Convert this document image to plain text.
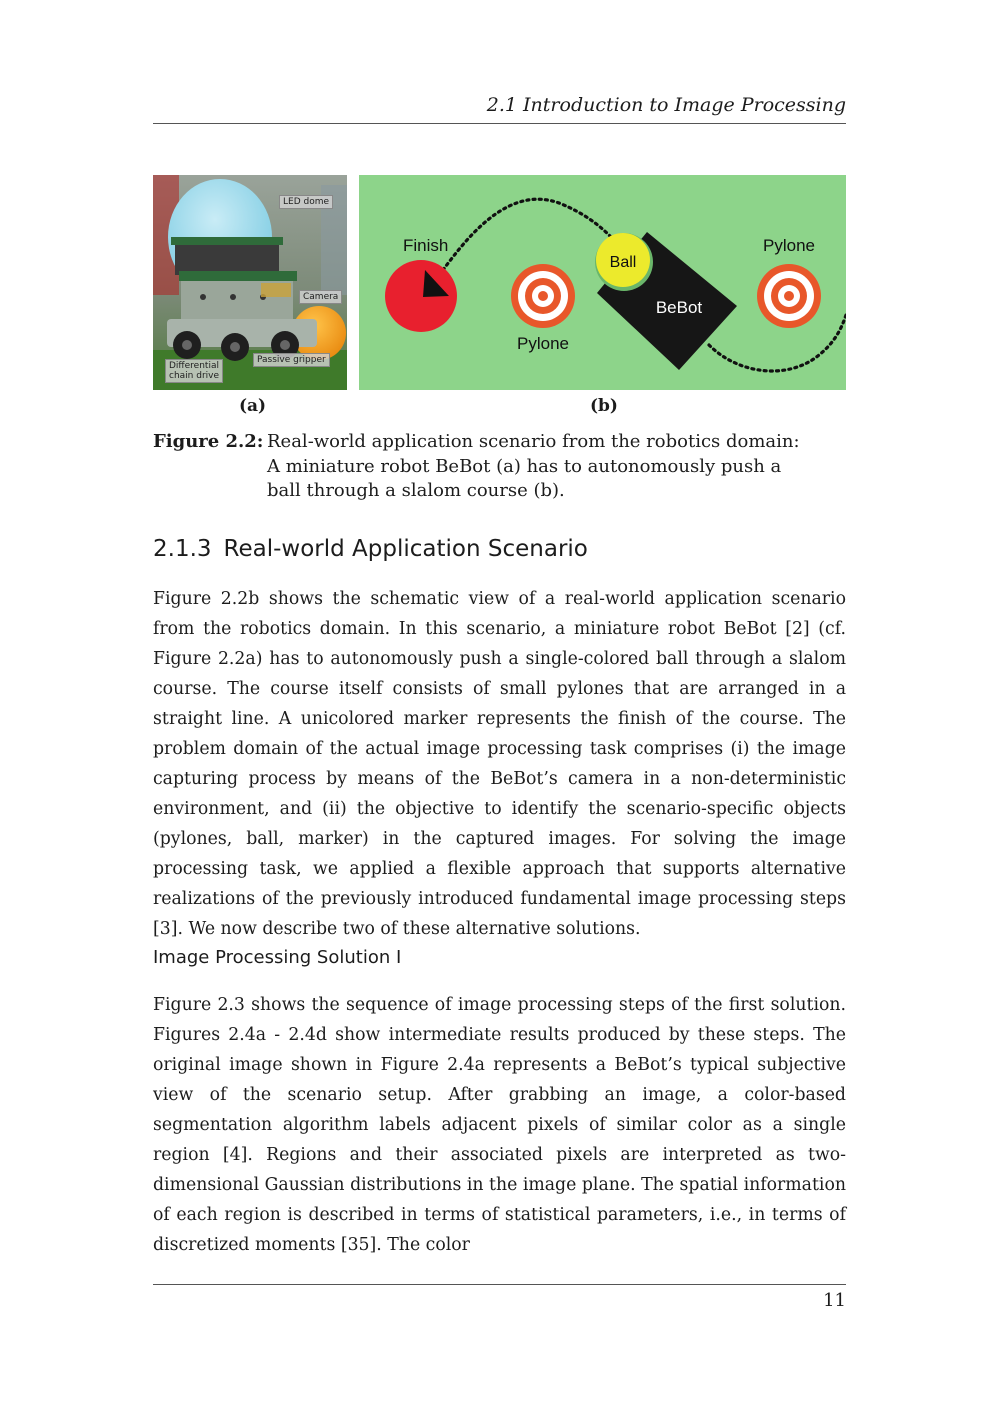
2.1 Introduction to Image Processing
LED dome
Camera
Passive gripper
Differential
chain drive
Finish
Ball
BeBot
Pylone
Pylone
(a)	(b)
Figure 2.2: Real-world application scenario from the robotics domain: A miniature robot BeBot (a) has to autonomously push a ball through a slalom course (b).
2.1.3 Real-world Application Scenario

Figure 2.2b shows the schematic view of a real-world application scenario from the robotics domain. In this scenario, a miniature robot BeBot [2] (cf. Figure 2.2a) has to autonomously push a single-colored ball through a slalom course. The course itself consists of small pylones that are arranged in a straight line. A unicolored marker represents the finish of the course. The problem domain of the actual image processing task comprises (i) the image capturing process by means of the BeBot’s camera in a non-deterministic environment, and (ii) the objective to identify the scenario-specific objects (pylones, ball, marker) in the captured images. For solving the image processing task, we applied a flexible approach that supports alternative realizations of the previously introduced fundamental image processing steps [3]. We now describe two of these alternative solutions.

Image Processing Solution I

Figure 2.3 shows the sequence of image processing steps of the first solution. Figures 2.4a - 2.4d show intermediate results produced by these steps. The original image shown in Figure 2.4a represents a BeBot’s typical subjective view of the scenario setup. After grabbing an image, a color-based segmentation algorithm labels adjacent pixels of similar color as a single region [4]. Regions and their associated pixels are interpreted as two-dimensional Gaussian distributions in the image plane. The spatial information of each region is described in terms of statistical parameters, i.e., in terms of discretized moments [35]. The color

11
